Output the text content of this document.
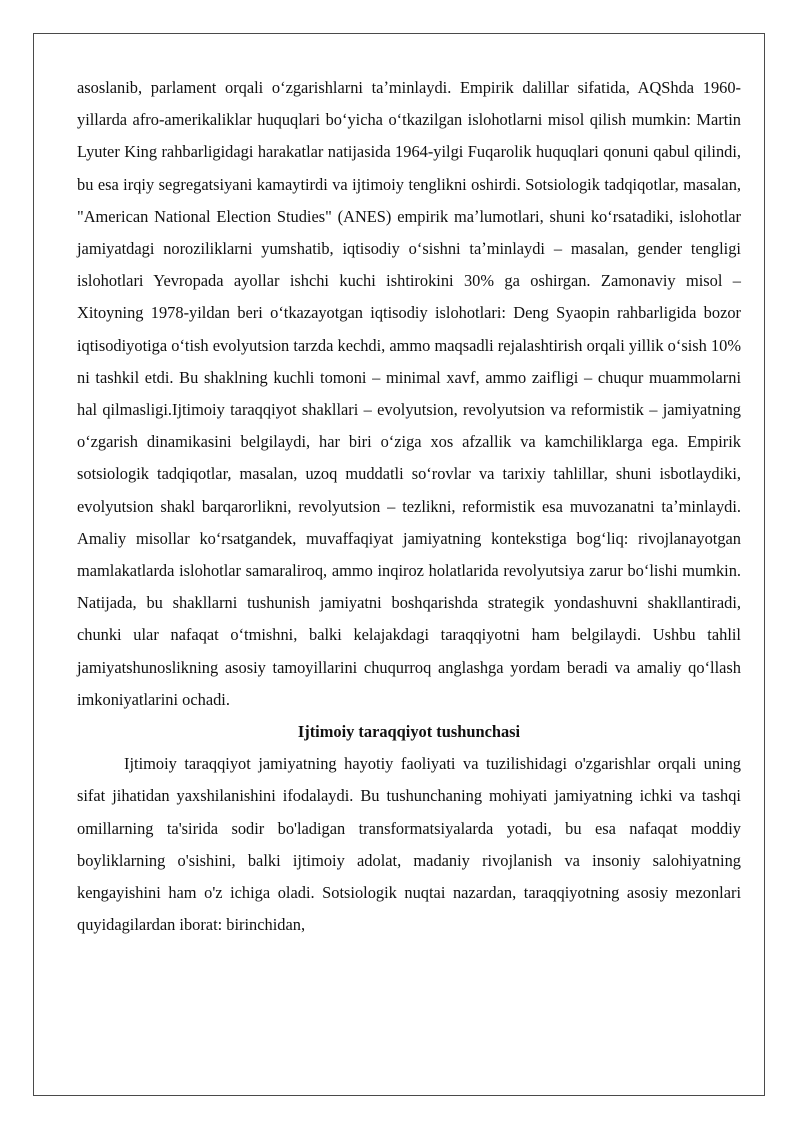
asoslanib, parlament orqali oʻzgarishlarni taʼminlaydi. Empirik dalillar sifatida, AQShda 1960-yillarda afro-amerikaliklar huquqlari boʻyicha oʻtkazilgan islohotlarni misol qilish mumkin: Martin Lyuter King rahbarligidagi harakatlar natijasida 1964-yilgi Fuqarolik huquqlari qonuni qabul qilindi, bu esa irqiy segregatsiyani kamaytirdi va ijtimoiy tenglikni oshirdi. Sotsiologik tadqiqotlar, masalan, "American National Election Studies" (ANES) empirik maʼlumotlari, shuni koʻrsatadiki, islohotlar jamiyatdagi noroziliklarni yumshatib, iqtisodiy oʻsishni taʼminlaydi – masalan, gender tengligi islohotlari Yevropada ayollar ishchi kuchi ishtirokini 30% ga oshirgan. Zamonaviy misol – Xitoyning 1978-yildan beri oʻtkazayotgan iqtisodiy islohotlari: Deng Syaopin rahbarligida bozor iqtisodiyotiga oʻtish evolyutsion tarzda kechdi, ammo maqsadli rejalashtirish orqali yillik oʻsish 10% ni tashkil etdi. Bu shaklning kuchli tomoni – minimal xavf, ammo zaifligi – chuqur muammolarni hal qilmasligi.Ijtimoiy taraqqiyot shakllari – evolyutsion, revolyutsion va reformistik – jamiyatning oʻzgarish dinamikasini belgilaydi, har biri oʻziga xos afzallik va kamchiliklarga ega. Empirik sotsiologik tadqiqotlar, masalan, uzoq muddatli soʻrovlar va tarixiy tahlillar, shuni isbotlaydiki, evolyutsion shakl barqarorlikni, revolyutsion – tezlikni, reformistik esa muvozanatni taʼminlaydi. Amaliy misollar koʻrsatgandek, muvaffaqiyat jamiyatning kontekstiga bogʻliq: rivojlanayotgan mamlakatlarda islohotlar samaraliroq, ammo inqiroz holatlarida revolyutsiya zarur boʻlishi mumkin. Natijada, bu shakllarni tushunish jamiyatni boshqarishda strategik yondashuvni shakllantiradi, chunki ular nafaqat oʻtmishni, balki kelajakdagi taraqqiyotni ham belgilaydi. Ushbu tahlil jamiyatshunoslikning asosiy tamoyillarini chuqurroq anglashga yordam beradi va amaliy qoʻllash imkoniyatlarini ochadi.

Ijtimoiy taraqqiyot tushunchasi

Ijtimoiy taraqqiyot jamiyatning hayotiy faoliyati va tuzilishidagi o'zgarishlar orqali uning sifat jihatidan yaxshilanishini ifodalaydi. Bu tushunchaning mohiyati jamiyatning ichki va tashqi omillarning ta'sirida sodir bo'ladigan transformatsiyalarda yotadi, bu esa nafaqat moddiy boyliklarning o'sishini, balki ijtimoiy adolat, madaniy rivojlanish va insoniy salohiyatning kengayishini ham o'z ichiga oladi. Sotsiologik nuqtai nazardan, taraqqiyotning asosiy mezonlari quyidagilardan iborat: birinchidan,
